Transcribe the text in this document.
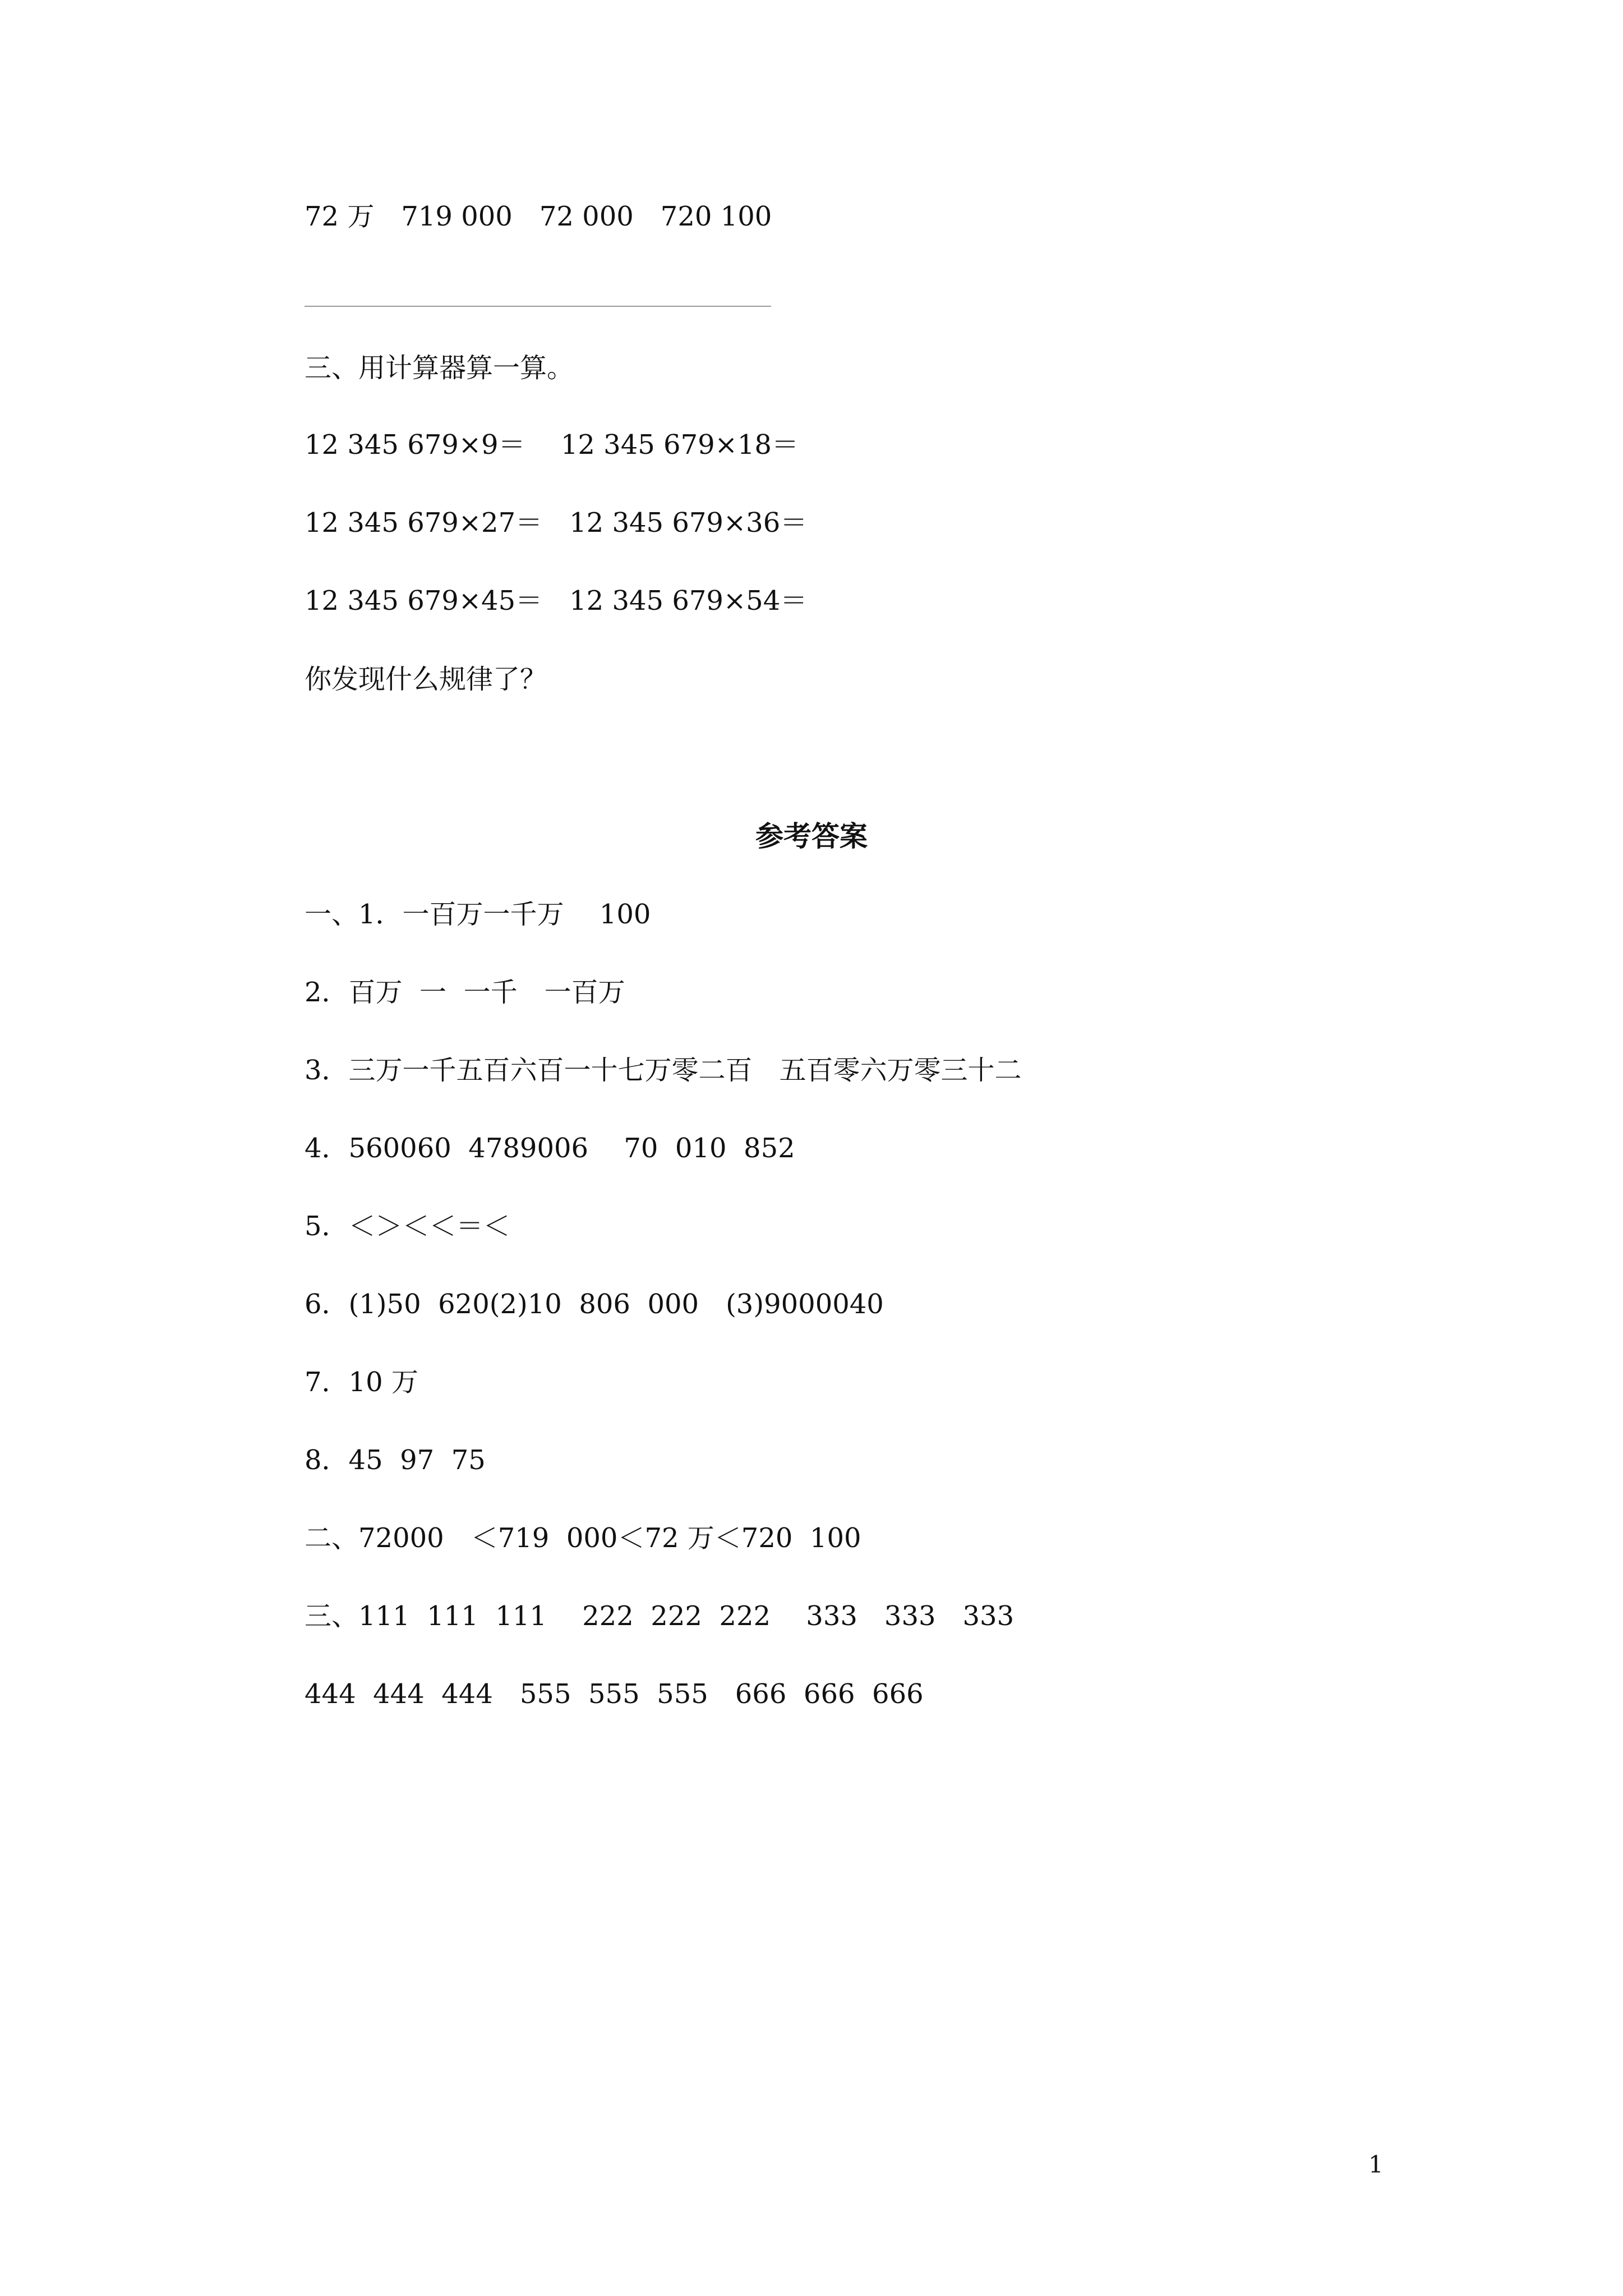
72 万　719 000　72 000　720 100
三、用计算器算一算。
12 345 679×9＝　 12 345 679×18＝
12 345 679×27＝　12 345 679×36＝
12 345 679×45＝　12 345 679×54＝
你发现什么规律了？
参考答案
一、1．一百万一千万　 100
2．百万  一  一千　一百万
3．三万一千五百六百一十七万零二百　五百零六万零三十二
4．560060  4789006　 70  010  852
5．＜＞＜＜＝＜
6．(1)50  620(2)10  806  000　(3)9000040
7．10 万
8．45  97  75
二、72000　＜719  000＜72 万＜720  100
三、111  111  111　 222  222  222　 333　333　333
444  444  444　555  555  555　666  666  666
1
